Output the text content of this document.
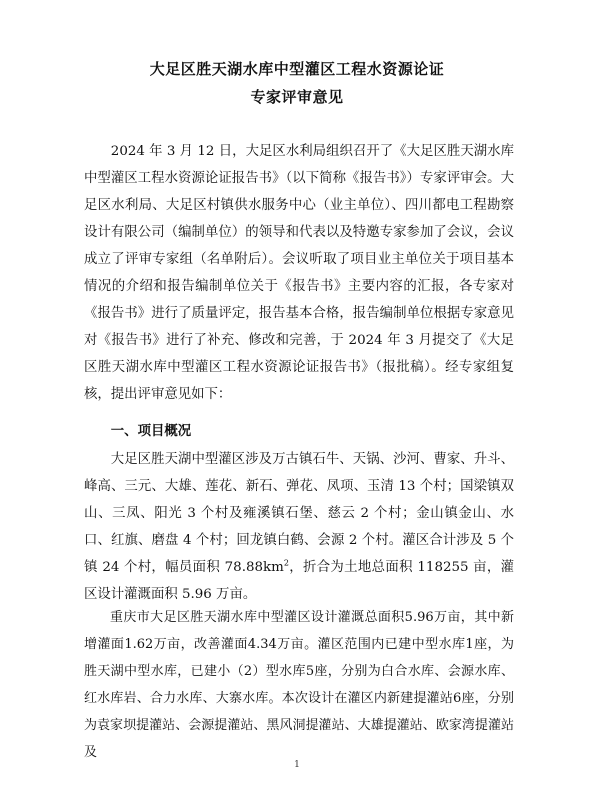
大足区胜天湖水库中型灌区工程水资源论证
专家评审意见

2024 年 3 月 12 日，大足区水利局组织召开了《大足区胜天湖水库中型灌区工程水资源论证报告书》（以下简称《报告书》）专家评审会。大足区水利局、大足区村镇供水服务中心（业主单位）、四川都电工程勘察设计有限公司（编制单位）的领导和代表以及特邀专家参加了会议，会议成立了评审专家组（名单附后）。会议听取了项目业主单位关于项目基本情况的介绍和报告编制单位关于《报告书》主要内容的汇报，各专家对《报告书》进行了质量评定，报告基本合格，报告编制单位根据专家意见对《报告书》进行了补充、修改和完善，于 2024 年 3 月提交了《大足区胜天湖水库中型灌区工程水资源论证报告书》（报批稿）。经专家组复核，提出评审意见如下：

一、项目概况

大足区胜天湖中型灌区涉及万古镇石牛、天锅、沙河、曹家、升斗、峰高、三元、大雄、莲花、新石、弹花、凤项、玉清 13 个村；国梁镇双山、三凤、阳光 3 个村及雍溪镇石堡、慈云 2 个村；金山镇金山、水口、红旗、磨盘 4 个村；回龙镇白鹤、会源 2 个村。灌区合计涉及 5 个镇 24 个村，幅员面积 $78.88km^2$，折合为土地总面积 118255 亩，灌区设计灌溉面积 5.96 万亩。

重庆市大足区胜天湖水库中型灌区设计灌溉总面积5.96万亩，其中新增灌面1.62万亩，改善灌面4.34万亩。灌区范围内已建中型水库1座，为胜天湖中型水库，已建小（2）型水库5座，分别为白合水库、会源水库、红水库岩、合力水库、大寨水库。本次设计在灌区内新建提灌站6座，分别为袁家坝提灌站、会源提灌站、黑风洞提灌站、大雄提灌站、欧家湾提灌站及

1
